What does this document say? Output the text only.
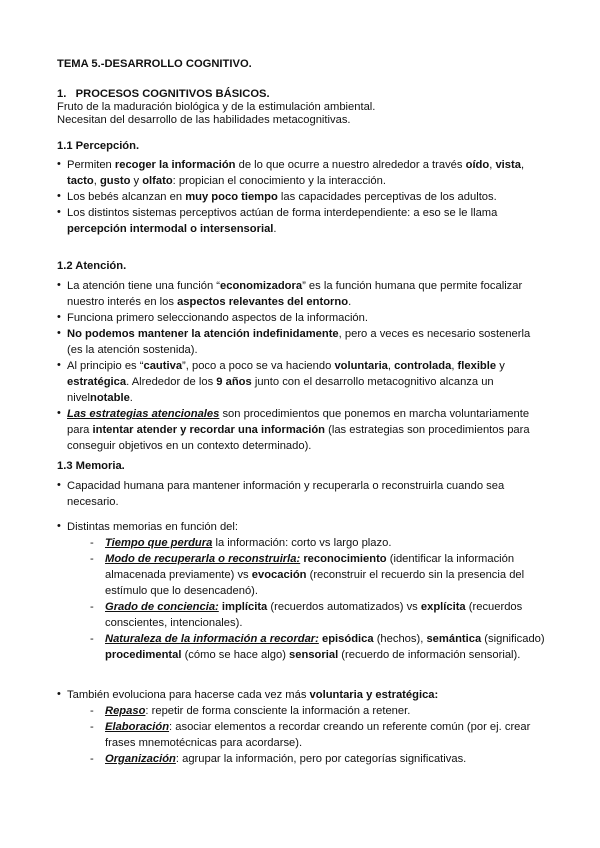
TEMA 5.-DESARROLLO COGNITIVO.
1. PROCESOS COGNITIVOS BÁSICOS.
Fruto de la maduración biológica y de la estimulación ambiental.
Necesitan del desarrollo de las habilidades metacognitivas.
1.1 Percepción.
• Permiten recoger la información de lo que ocurre a nuestro alrededor a través oído, vista,
tacto, gusto y olfato: propician el conocimiento y la interacción.
• Los bebés alcanzan en muy poco tiempo las capacidades perceptivas de los adultos.
• Los distintos sistemas perceptivos actúan de forma interdependiente: a eso se le llama
percepción intermodal o intersensorial.
1.2 Atención.
• La atención tiene una función “economizadora” es la función humana que permite focalizar
nuestro interés en los aspectos relevantes del entorno.
• Funciona primero seleccionando aspectos de la información.
• No podemos mantener la atención indefinidamente, pero a veces es necesario sostenerla
(es la atención sostenida).
• Al principio es “cautiva”, poco a poco se va haciendo voluntaria, controlada, flexible y
estratégica. Alrededor de los 9 años junto con el desarrollo metacognitivo alcanza un
nivelnotable.
• Las estrategias atencionales son procedimientos que ponemos en marcha voluntariamente
para intentar atender y recordar una información (las estrategias son procedimientos para
conseguir objetivos en un contexto determinado).
1.3 Memoria.
• Capacidad humana para mantener información y recuperarla o reconstruirla cuando sea
necesario.
• Distintas memorias en función del:
- Tiempo que perdura la información: corto vs largo plazo.
- Modo de recuperarla o reconstruirla: reconocimiento (identificar la información
almacenada previamente) vs evocación (reconstruir el recuerdo sin la presencia del
estímulo que lo desencadenó).
- Grado de conciencia: implícita (recuerdos automatizados) vs explícita (recuerdos
conscientes, intencionales).
- Naturaleza de la información a recordar: episódica (hechos), semántica (significado)
procedimental (cómo se hace algo) sensorial (recuerdo de información sensorial).
• También evoluciona para hacerse cada vez más voluntaria y estratégica:
- Repaso: repetir de forma consciente la información a retener.
- Elaboración: asociar elementos a recordar creando un referente común (por ej. crear
frases mnemotécnicas para acordarse).
- Organización: agrupar la información, pero por categorías significativas.
